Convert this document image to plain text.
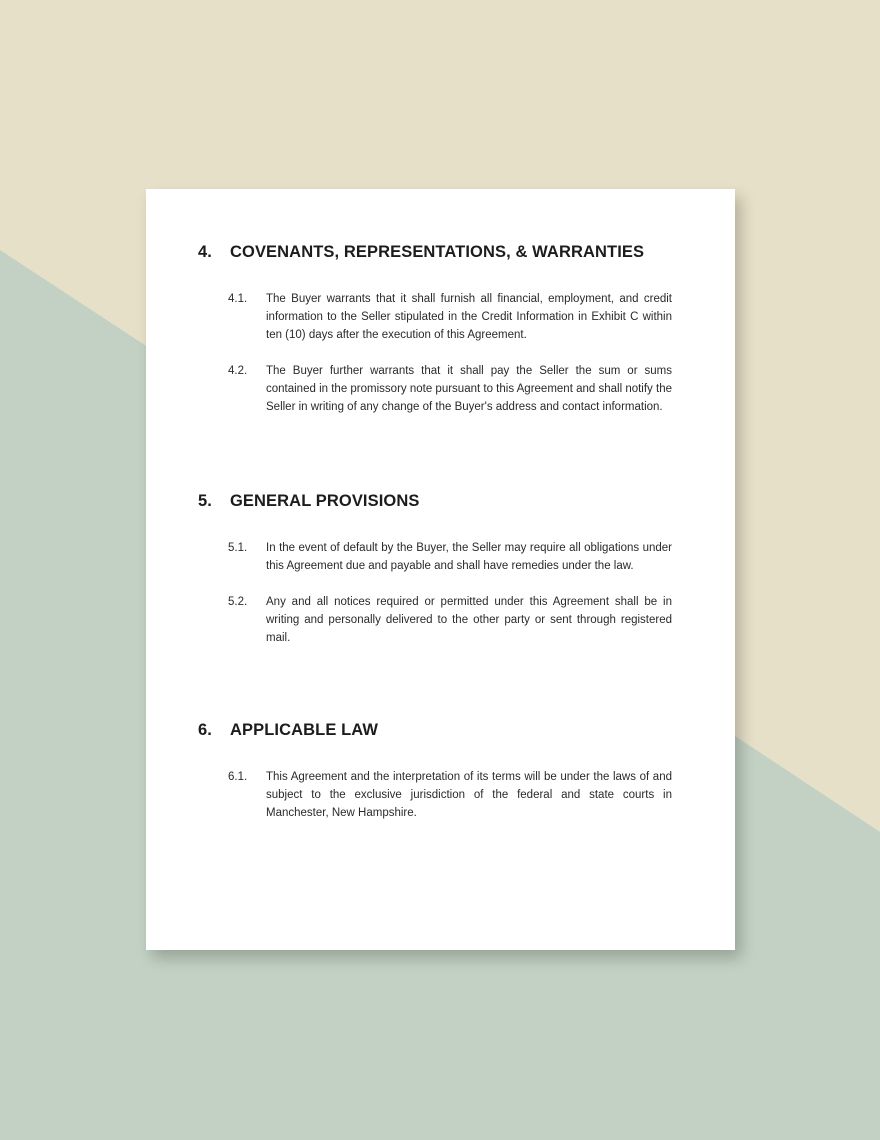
4.	COVENANTS, REPRESENTATIONS, & WARRANTIES
4.1.	The Buyer warrants that it shall furnish all financial, employment, and credit information to the Seller stipulated in the Credit Information in Exhibit C within ten (10) days after the execution of this Agreement.
4.2.	The Buyer further warrants that it shall pay the Seller the sum or sums contained in the promissory note pursuant to this Agreement and shall notify the Seller in writing of any change of the Buyer's address and contact information.
5.	GENERAL PROVISIONS
5.1.	In the event of default by the Buyer, the Seller may require all obligations under this Agreement due and payable and shall have remedies under the law.
5.2.	Any and all notices required or permitted under this Agreement shall be in writing and personally delivered to the other party or sent through registered mail.
6.	APPLICABLE LAW
6.1.	This Agreement and the interpretation of its terms will be under the laws of and subject to the exclusive jurisdiction of the federal and state courts in Manchester, New Hampshire.
